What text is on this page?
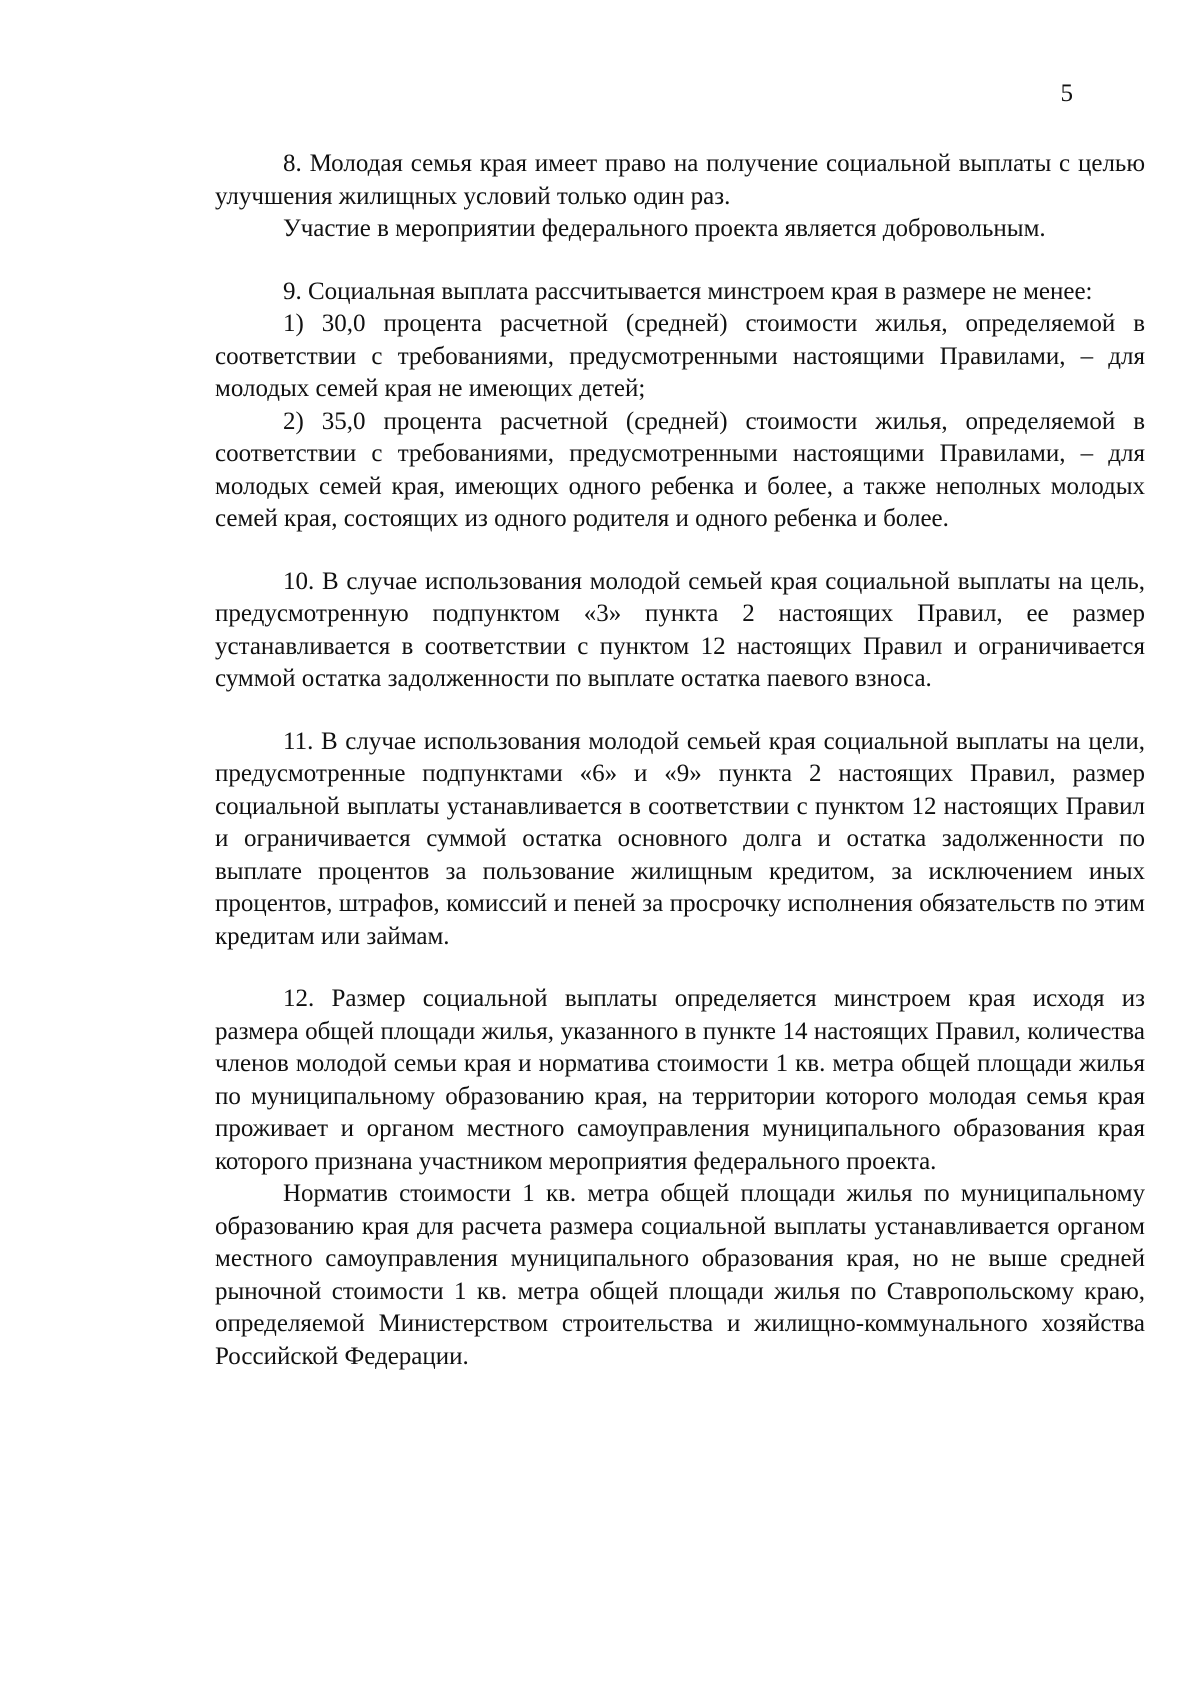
5

8. Молодая семья края имеет право на получение социальной выплаты с целью улучшения жилищных условий только один раз.

Участие в мероприятии федерального проекта является добровольным.

9. Социальная выплата рассчитывается минстроем края в размере не менее:

1) 30,0 процента расчетной (средней) стоимости жилья, определяемой в соответствии с требованиями, предусмотренными настоящими Правилами, – для молодых семей края не имеющих детей;

2) 35,0 процента расчетной (средней) стоимости жилья, определяемой в соответствии с требованиями, предусмотренными настоящими Правилами, – для молодых семей края, имеющих одного ребенка и более, а также неполных молодых семей края, состоящих из одного родителя и одного ребенка и более.

10. В случае использования молодой семьей края социальной выплаты на цель, предусмотренную подпунктом «3» пункта 2 настоящих Правил, ее размер устанавливается в соответствии с пунктом 12 настоящих Правил и ограничивается суммой остатка задолженности по выплате остатка паевого взноса.

11. В случае использования молодой семьей края социальной выплаты на цели, предусмотренные подпунктами «6» и «9» пункта 2 настоящих Правил, размер социальной выплаты устанавливается в соответствии с пунктом 12 настоящих Правил и ограничивается суммой остатка основного долга и остатка задолженности по выплате процентов за пользование жилищным кредитом, за исключением иных процентов, штрафов, комиссий и пеней за просрочку исполнения обязательств по этим кредитам или займам.

12. Размер социальной выплаты определяется минстроем края исходя из размера общей площади жилья, указанного в пункте 14 настоящих Правил, количества членов молодой семьи края и норматива стоимости 1 кв. метра общей площади жилья по муниципальному образованию края, на территории которого молодая семья края проживает и органом местного самоуправления муниципального образования края которого признана участником мероприятия федерального проекта.

Норматив стоимости 1 кв. метра общей площади жилья по муниципальному образованию края для расчета размера социальной выплаты устанавливается органом местного самоуправления муниципального образования края, но не выше средней рыночной стоимости 1 кв. метра общей площади жилья по Ставропольскому краю, определяемой Министерством строительства и жилищно-коммунального хозяйства Российской Федерации.
